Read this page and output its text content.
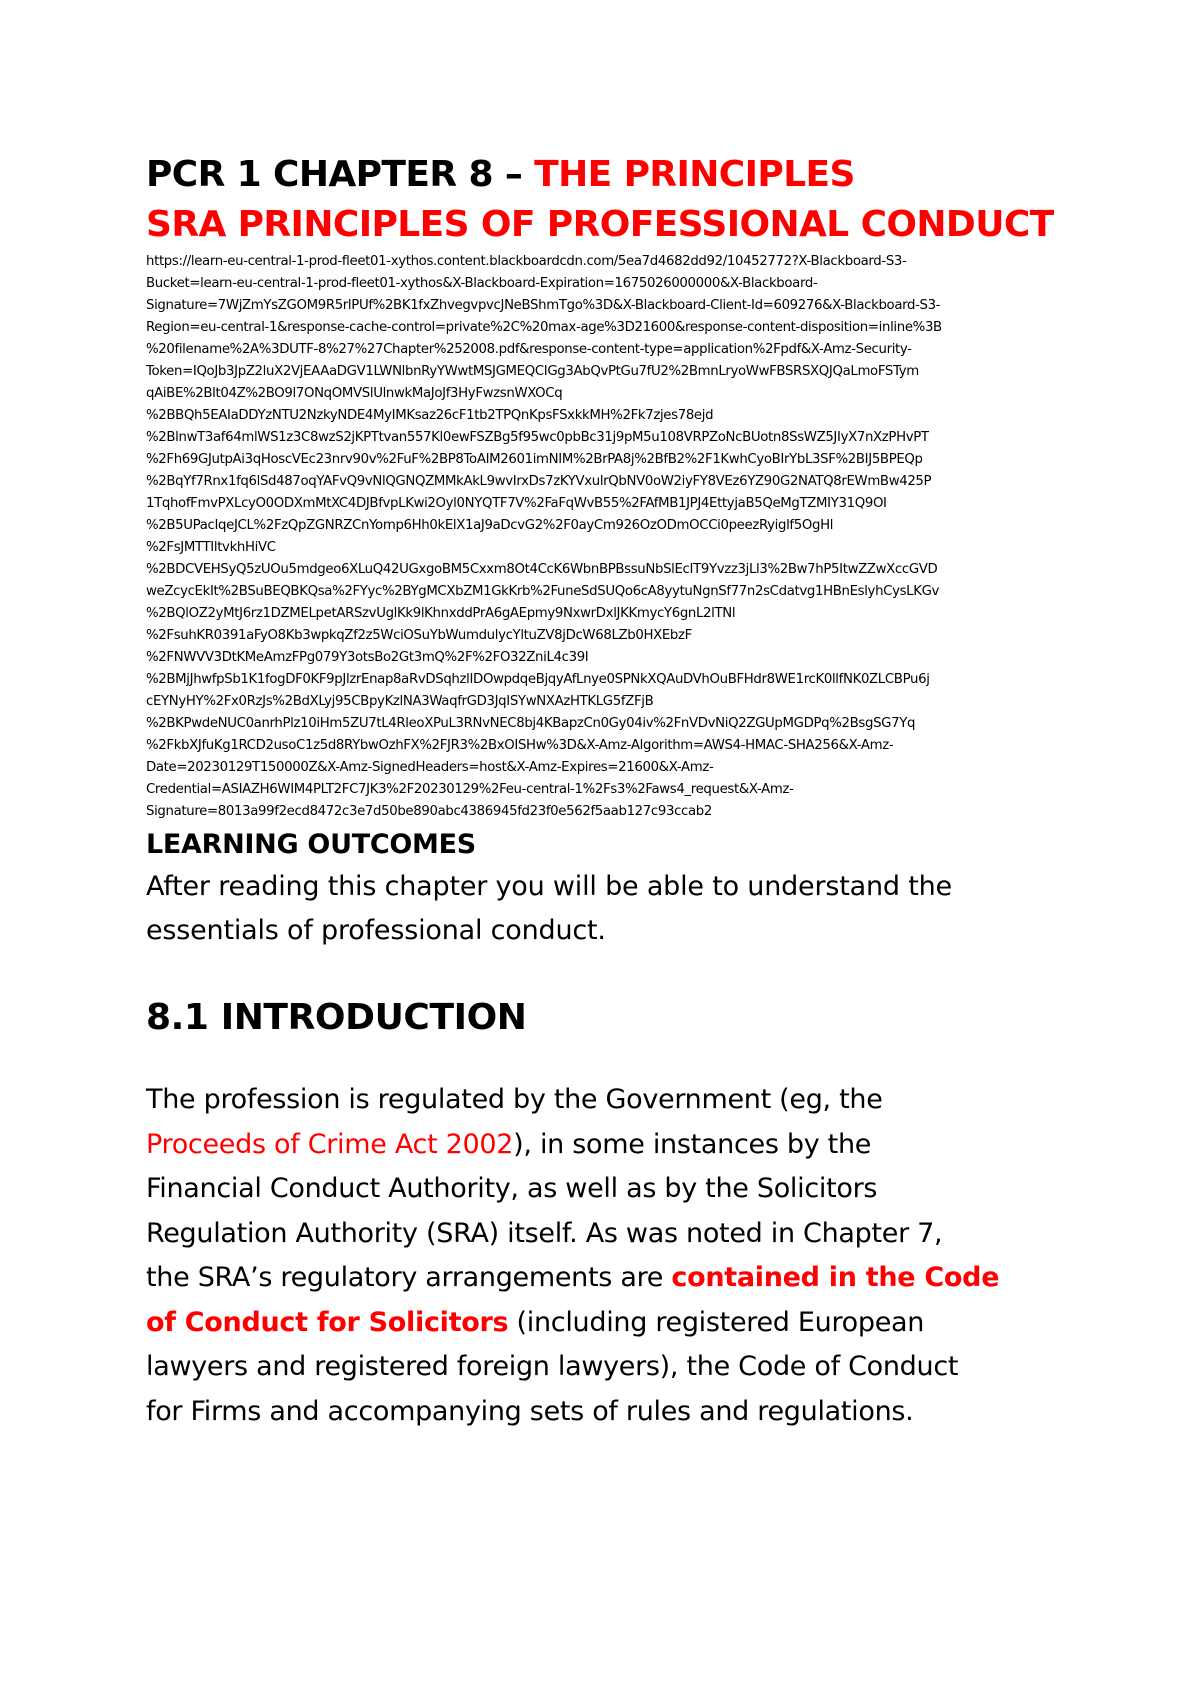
PCR 1 CHAPTER 8 – THE PRINCIPLES
SRA PRINCIPLES OF PROFESSIONAL CONDUCT
https://learn-eu-central-1-prod-fleet01-xythos.content.blackboardcdn.com/5ea7d4682dd92/10452772?X-Blackboard-S3-
Bucket=learn-eu-central-1-prod-fleet01-xythos&X-Blackboard-Expiration=1675026000000&X-Blackboard-
Signature=7WjZmYsZGOM9R5rlPUf%2BK1fxZhvegvpvcJNeBShmTgo%3D&X-Blackboard-Client-Id=609276&X-Blackboard-S3-
Region=eu-central-1&response-cache-control=private%2C%20max-age%3D21600&response-content-disposition=inline%3B
%20filename%2A%3DUTF-8%27%27Chapter%252008.pdf&response-content-type=application%2Fpdf&X-Amz-Security-
Token=IQoJb3JpZ2luX2VjEAAaDGV1LWNlbnRyYWwtMSJGMEQCIGg3AbQvPtGu7fU2%2BmnLryoWwFBSRSXQJQaLmoFSTym
qAiBE%2Blt04Z%2BO9l7ONqOMVSlUlnwkMaJoJf3HyFwzsnWXOCq
%2BBQh5EAIaDDYzNTU2NzkyNDE4MyIMKsaz26cF1tb2TPQnKpsFSxkkMH%2Fk7zjes78ejd
%2BlnwT3af64mlWS1z3C8wzS2jKPTtvan557Kl0ewFSZBg5f95wc0pbBc31j9pM5u108VRPZoNcBUotn8SsWZ5JIyX7nXzPHvPT
%2Fh69GJutpAi3qHoscVEc23nrv90v%2FuF%2BP8ToAIM2601imNIM%2BrPA8j%2BfB2%2F1KwhCyoBIrYbL3SF%2BIJ5BPEQp
%2BqYf7Rnx1fq6lSd487oqYAFvQ9vNlQGNQZMMkAkL9wvIrxDs7zKYVxulrQbNV0oW2iyFY8VEz6YZ90G2NATQ8rEWmBw425P
1TqhofFmvPXLcyO0ODXmMtXC4DJBfvpLKwi2Oyl0NYQTF7V%2FaFqWvB55%2FAfMB1JPJ4EttyjaB5QeMgTZMIY31Q9OI
%2B5UPacIqeJCL%2FzQpZGNRZCnYomp6Hh0kElX1aJ9aDcvG2%2F0ayCm926OzODmOCCi0peezRyiglf5OgHl
%2FsJMTTIltvkhHiVC
%2BDCVEHSyQ5zUOu5mdgeo6XLuQ42UGxgoBM5Cxxm8Ot4CcK6WbnBPBssuNbSlEcIT9Yvzz3jLl3%2Bw7hP5ItwZZwXccGVD
weZcycEkIt%2BSuBEQBKQsa%2FYyc%2BYgMCXbZM1GkKrb%2FuneSdSUQo6cA8yytuNgnSf77n2sCdatvg1HBnEslyhCysLKGv
%2BQlOZ2yMtJ6rz1DZMELpetARSzvUglKk9lKhnxddPrA6gAEpmy9NxwrDxlJKKmycY6gnL2lTNl
%2FsuhKR0391aFyO8Kb3wpkqZf2z5WciOSuYbWumdulycYltuZV8jDcW68LZb0HXEbzF
%2FNWVV3DtKMeAmzFPg079Y3otsBo2Gt3mQ%2F%2FO32ZniL4c39I
%2BMjJhwfpSb1K1fogDF0KF9pJlzrEnap8aRvDSqhzlIDOwpdqeBjqyAfLnye0SPNkXQAuDVhOuBFHdr8WE1rcK0llfNK0ZLCBPu6j
cEYNyHY%2Fx0RzJs%2BdXLyj95CBpyKzlNA3WaqfrGD3JqISYwNXAzHTKLG5fZFjB
%2BKPwdeNUC0anrhPlz10iHm5ZU7tL4RleoXPuL3RNvNEC8bj4KBapzCn0Gy04iv%2FnVDvNiQ2ZGUpMGDPq%2BsgSG7Yq
%2FkbXJfuKg1RCD2usoC1z5d8RYbwOzhFX%2FJR3%2BxOISHw%3D&X-Amz-Algorithm=AWS4-HMAC-SHA256&X-Amz-
Date=20230129T150000Z&X-Amz-SignedHeaders=host&X-Amz-Expires=21600&X-Amz-
Credential=ASIAZH6WIM4PLT2FC7JK3%2F20230129%2Feu-central-1%2Fs3%2Faws4_request&X-Amz-
Signature=8013a99f2ecd8472c3e7d50be890abc4386945fd23f0e562f5aab127c93ccab2
LEARNING OUTCOMES
After reading this chapter you will be able to understand the
essentials of professional conduct.
8.1 INTRODUCTION
The profession is regulated by the Government (eg, the
Proceeds of Crime Act 2002), in some instances by the
Financial Conduct Authority, as well as by the Solicitors
Regulation Authority (SRA) itself. As was noted in Chapter 7,
the SRA’s regulatory arrangements are contained in the Code
of Conduct for Solicitors (including registered European
lawyers and registered foreign lawyers), the Code of Conduct
for Firms and accompanying sets of rules and regulations.
